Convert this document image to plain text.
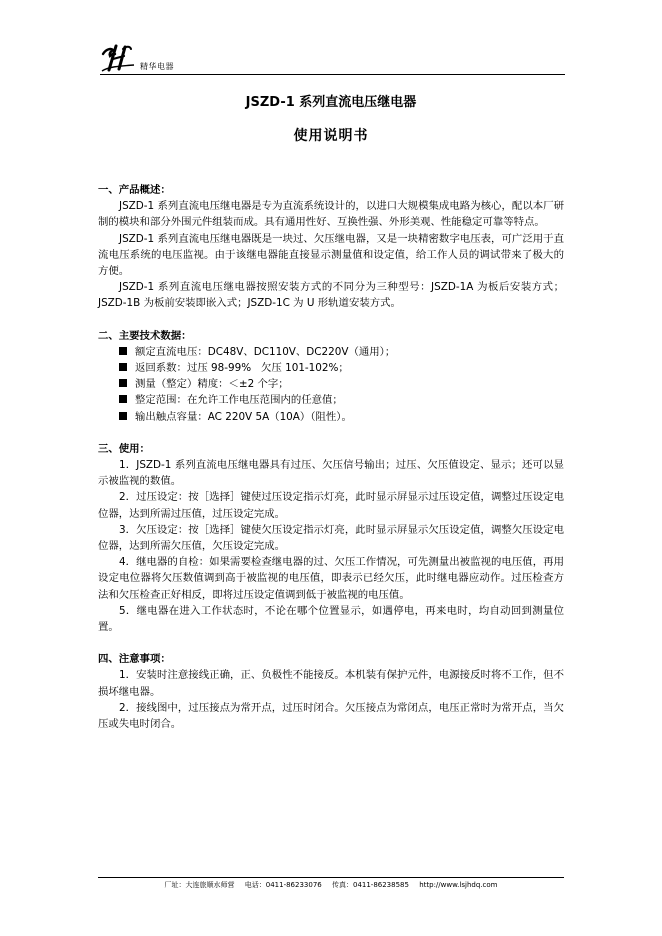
精华电器
JSZD-1 系列直流电压继电器
使用说明书

一、产品概述：

JSZD-1 系列直流电压继电器是专为直流系统设计的，以进口大规模集成电路为核心，配以本厂研制的模块和部分外围元件组装而成。具有通用性好、互换性强、外形美观、性能稳定可靠等特点。

JSZD-1 系列直流电压继电器既是一块过、欠压继电器，又是一块精密数字电压表，可广泛用于直流电压系统的电压监视。由于该继电器能直接显示测量值和设定值，给工作人员的调试带来了极大的方便。

JSZD-1 系列直流电压继电器按照安装方式的不同分为三种型号：JSZD-1A 为板后安装方式；JSZD-1B 为板前安装即嵌入式；JSZD-1C 为 U 形轨道安装方式。

二、主要技术数据：

额定直流电压：DC48V、DC110V、DC220V（通用）；
返回系数：过压 98-99%   欠压 101-102%；
测量（整定）精度：＜±2 个字；
整定范围：在允许工作电压范围内的任意值；
输出触点容量：AC 220V 5A（10A）（阻性）。

三、使用：

1．JSZD-1 系列直流电压继电器具有过压、欠压信号输出；过压、欠压值设定、显示；还可以显示被监视的数值。

2．过压设定：按［选择］键使过压设定指示灯亮，此时显示屏显示过压设定值，调整过压设定电位器，达到所需过压值，过压设定完成。

3．欠压设定：按［选择］键使欠压设定指示灯亮，此时显示屏显示欠压设定值，调整欠压设定电位器，达到所需欠压值，欠压设定完成。

4．继电器的自检：如果需要检查继电器的过、欠压工作情况，可先测量出被监视的电压值，再用设定电位器将欠压数值调到高于被监视的电压值，即表示已经欠压，此时继电器应动作。过压检查方法和欠压检查正好相反，即将过压设定值调到低于被监视的电压值。

5．继电器在进入工作状态时，不论在哪个位置显示，如遇停电，再来电时，均自动回到测量位置。

四、注意事项：

1．安装时注意接线正确，正、负极性不能接反。本机装有保护元件，电源接反时将不工作，但不损坏继电器。

2．接线图中，过压接点为常开点，过压时闭合。欠压接点为常闭点，电压正常时为常开点，当欠压或失电时闭合。

厂址：大连旅顺水师营 电话：0411-86233076 传真：0411-86238585 http://www.lsjhdq.com
